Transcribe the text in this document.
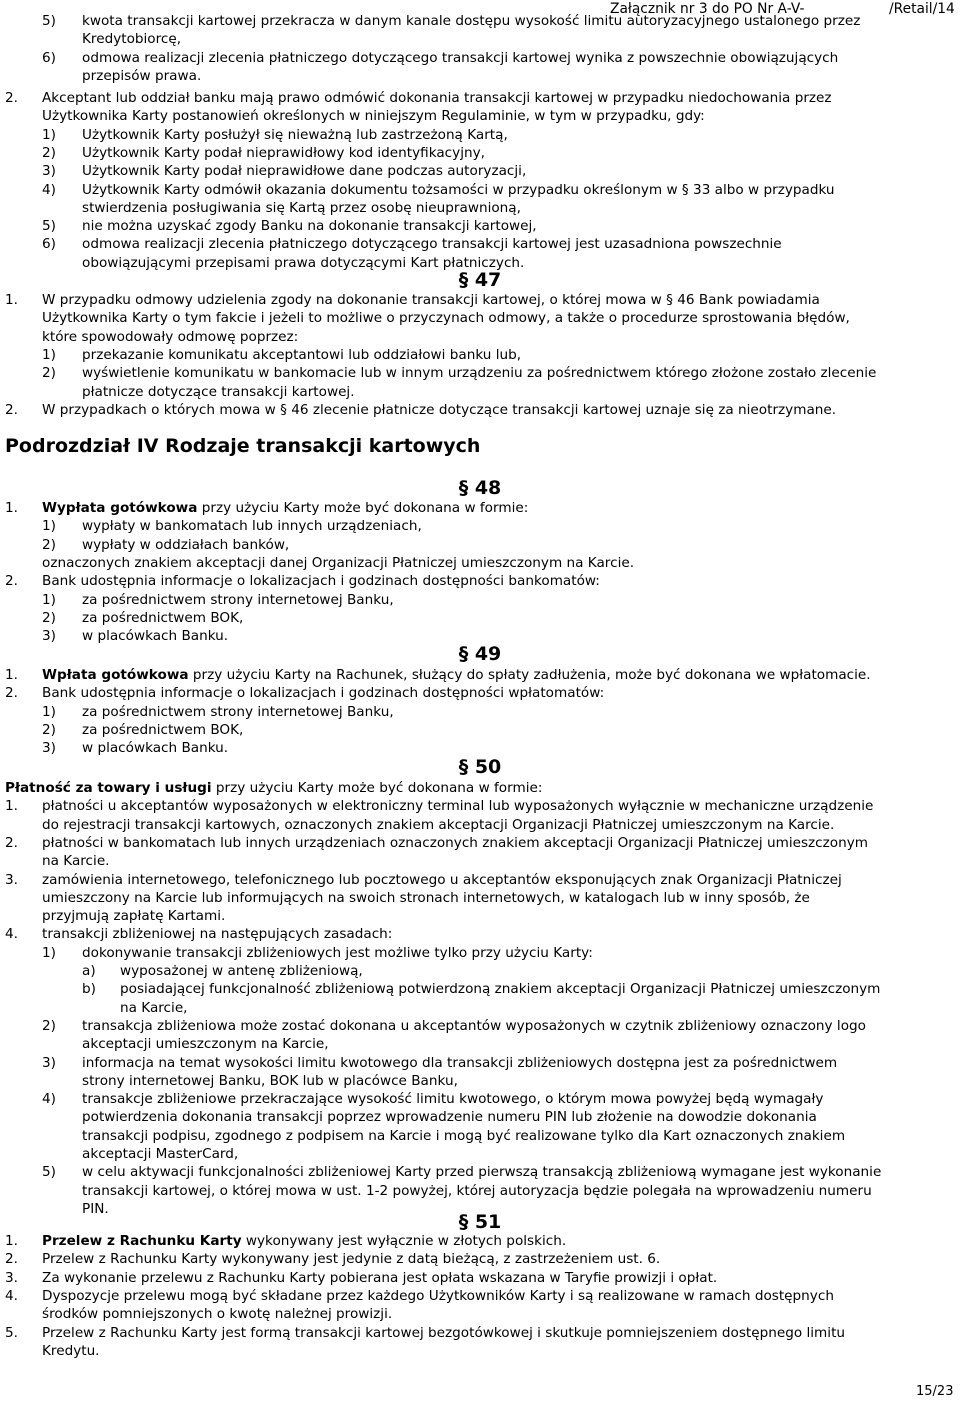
Załącznik nr 3 do PO Nr A-V-	/Retail/14
5) kwota transakcji kartowej przekracza w danym kanale dostępu wysokość limitu autoryzacyjnego ustalonego przez
Kredytobiorcę,
6) odmowa realizacji zlecenia płatniczego dotyczącego transakcji kartowej wynika z powszechnie obowiązujących
przepisów prawa.
2. Akceptant lub oddział banku mają prawo odmówić dokonania transakcji kartowej w przypadku niedochowania przez
Użytkownika Karty postanowień określonych w niniejszym Regulaminie, w tym w przypadku, gdy:
1) Użytkownik Karty posłużył się nieważną lub zastrzeżoną Kartą,
2) Użytkownik Karty podał nieprawidłowy kod identyfikacyjny,
3) Użytkownik Karty podał nieprawidłowe dane podczas autoryzacji,
4) Użytkownik Karty odmówił okazania dokumentu tożsamości w przypadku określonym w § 33 albo w przypadku
stwierdzenia posługiwania się Kartą przez osobę nieuprawnioną,
5) nie można uzyskać zgody Banku na dokonanie transakcji kartowej,
6) odmowa realizacji zlecenia płatniczego dotyczącego transakcji kartowej jest uzasadniona powszechnie
obowiązującymi przepisami prawa dotyczącymi Kart płatniczych.
§ 47
1. W przypadku odmowy udzielenia zgody na dokonanie transakcji kartowej, o której mowa w § 46 Bank powiadamia
Użytkownika Karty o tym fakcie i jeżeli to możliwe o przyczynach odmowy, a także o procedurze sprostowania błędów,
które spowodowały odmowę poprzez:
1) przekazanie komunikatu akceptantowi lub oddziałowi banku lub,
2) wyświetlenie komunikatu w bankomacie lub w innym urządzeniu za pośrednictwem którego złożone zostało zlecenie
płatnicze dotyczące transakcji kartowej.
2. W przypadkach o których mowa w § 46 zlecenie płatnicze dotyczące transakcji kartowej uznaje się za nieotrzymane.
Podrozdział IV Rodzaje transakcji kartowych
§ 48
1. Wypłata gotówkowa przy użyciu Karty może być dokonana w formie:
1) wypłaty w bankomatach lub innych urządzeniach,
2) wypłaty w oddziałach banków,
oznaczonych znakiem akceptacji danej Organizacji Płatniczej umieszczonym na Karcie.
2. Bank udostępnia informacje o lokalizacjach i godzinach dostępności bankomatów:
1) za pośrednictwem strony internetowej Banku,
2) za pośrednictwem BOK,
3) w placówkach Banku.
§ 49
1. Wpłata gotówkowa przy użyciu Karty na Rachunek, służący do spłaty zadłużenia, może być dokonana we wpłatomacie.
2. Bank udostępnia informacje o lokalizacjach i godzinach dostępności wpłatomatów:
1) za pośrednictwem strony internetowej Banku,
2) za pośrednictwem BOK,
3) w placówkach Banku.
§ 50
Płatność za towary i usługi przy użyciu Karty może być dokonana w formie:
1. płatności u akceptantów wyposażonych w elektroniczny terminal lub wyposażonych wyłącznie w mechaniczne urządzenie
do rejestracji transakcji kartowych, oznaczonych znakiem akceptacji Organizacji Płatniczej umieszczonym na Karcie.
2. płatności w bankomatach lub innych urządzeniach oznaczonych znakiem akceptacji Organizacji Płatniczej umieszczonym
na Karcie.
3. zamówienia internetowego, telefonicznego lub pocztowego u akceptantów eksponujących znak Organizacji Płatniczej
umieszczony na Karcie lub informujących na swoich stronach internetowych, w katalogach lub w inny sposób, że
przyjmują zapłatę Kartami.
4. transakcji zbliżeniowej na następujących zasadach:
1) dokonywanie transakcji zbliżeniowych jest możliwe tylko przy użyciu Karty:
a) wyposażonej w antenę zbliżeniową,
b) posiadającej funkcjonalność zbliżeniową potwierdzoną znakiem akceptacji Organizacji Płatniczej umieszczonym
na Karcie,
2) transakcja zbliżeniowa może zostać dokonana u akceptantów wyposażonych w czytnik zbliżeniowy oznaczony logo
akceptacji umieszczonym na Karcie,
3) informacja na temat wysokości limitu kwotowego dla transakcji zbliżeniowych dostępna jest za pośrednictwem
strony internetowej Banku, BOK lub w placówce Banku,
4) transakcje zbliżeniowe przekraczające wysokość limitu kwotowego, o którym mowa powyżej będą wymagały
potwierdzenia dokonania transakcji poprzez wprowadzenie numeru PIN lub złożenie na dowodzie dokonania
transakcji podpisu, zgodnego z podpisem na Karcie i mogą być realizowane tylko dla Kart oznaczonych znakiem
akceptacji MasterCard,
5) w celu aktywacji funkcjonalności zbliżeniowej Karty przed pierwszą transakcją zbliżeniową wymagane jest wykonanie
transakcji kartowej, o której mowa w ust. 1-2 powyżej, której autoryzacja będzie polegała na wprowadzeniu numeru
PIN.
§ 51
1. Przelew z Rachunku Karty wykonywany jest wyłącznie w złotych polskich.
2. Przelew z Rachunku Karty wykonywany jest jedynie z datą bieżącą, z zastrzeżeniem ust. 6.
3. Za wykonanie przelewu z Rachunku Karty pobierana jest opłata wskazana w Taryfie prowizji i opłat.
4. Dyspozycje przelewu mogą być składane przez każdego Użytkowników Karty i są realizowane w ramach dostępnych
środków pomniejszonych o kwotę należnej prowizji.
5. Przelew z Rachunku Karty jest formą transakcji kartowej bezgotówkowej i skutkuje pomniejszeniem dostępnego limitu
Kredytu.
15/23
